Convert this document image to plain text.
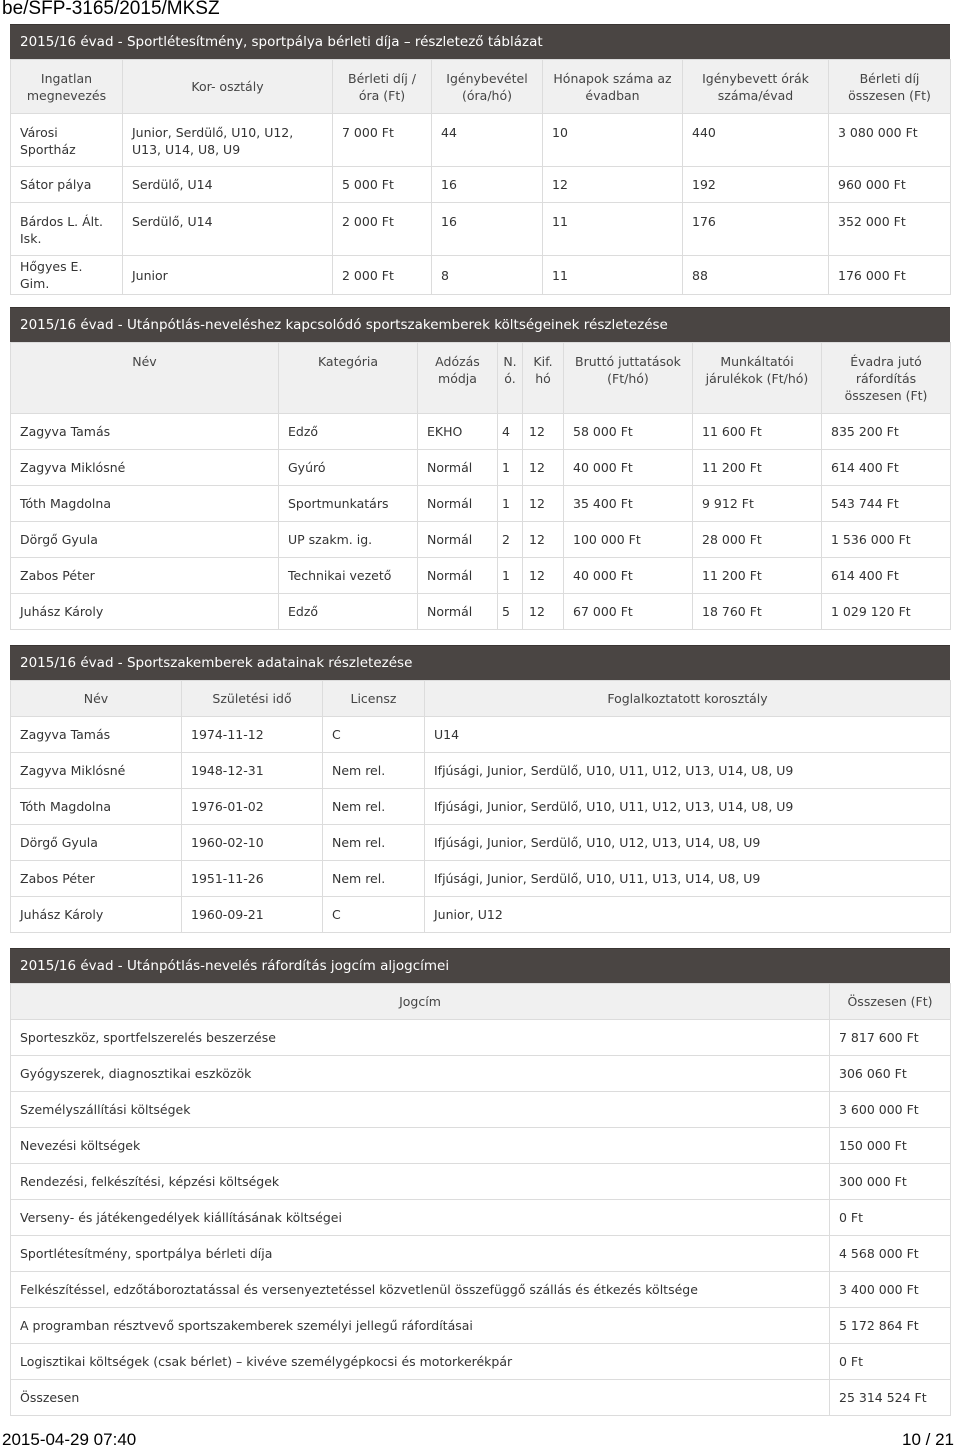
be/SFP-3165/2015/MKSZ
2015/16 évad - Sportlétesítmény, sportpálya bérleti díja – részletező táblázat
Ingatlan megnevezés	Kor- osztály	Bérleti díj / óra (Ft)	Igénybevétel (óra/hó)	Hónapok száma az évadban	Igénybevett órák száma/évad	Bérleti díj összesen (Ft)
Városi Sportház	Junior, Serdülő, U10, U12, U13, U14, U8, U9	7 000 Ft	44	10	440	3 080 000 Ft
Sátor pálya	Serdülő, U14	5 000 Ft	16	12	192	960 000 Ft
Bárdos L. Ált. Isk.	Serdülő, U14	2 000 Ft	16	11	176	352 000 Ft
Hőgyes E. Gim.	Junior	2 000 Ft	8	11	88	176 000 Ft
2015/16 évad - Utánpótlás-neveléshez kapcsolódó sportszakemberek költségeinek részletezése
Név	Kategória	Adózás módja	N. ó.	Kif. hó	Bruttó juttatások (Ft/hó)	Munkáltatói járulékok (Ft/hó)	Évadra jutó ráfordítás összesen (Ft)
Zagyva Tamás	Edző	EKHO	4	12	58 000 Ft	11 600 Ft	835 200 Ft
Zagyva Miklósné	Gyúró	Normál	1	12	40 000 Ft	11 200 Ft	614 400 Ft
Tóth Magdolna	Sportmunkatárs	Normál	1	12	35 400 Ft	9 912 Ft	543 744 Ft
Dörgő Gyula	UP szakm. ig.	Normál	2	12	100 000 Ft	28 000 Ft	1 536 000 Ft
Zabos Péter	Technikai vezető	Normál	1	12	40 000 Ft	11 200 Ft	614 400 Ft
Juhász Károly	Edző	Normál	5	12	67 000 Ft	18 760 Ft	1 029 120 Ft
2015/16 évad - Sportszakemberek adatainak részletezése
Név	Születési idő	Licensz	Foglalkoztatott korosztály
Zagyva Tamás	1974-11-12	C	U14
Zagyva Miklósné	1948-12-31	Nem rel.	Ifjúsági, Junior, Serdülő, U10, U11, U12, U13, U14, U8, U9
Tóth Magdolna	1976-01-02	Nem rel.	Ifjúsági, Junior, Serdülő, U10, U11, U12, U13, U14, U8, U9
Dörgő Gyula	1960-02-10	Nem rel.	Ifjúsági, Junior, Serdülő, U10, U12, U13, U14, U8, U9
Zabos Péter	1951-11-26	Nem rel.	Ifjúsági, Junior, Serdülő, U10, U11, U13, U14, U8, U9
Juhász Károly	1960-09-21	C	Junior, U12
2015/16 évad - Utánpótlás-nevelés ráfordítás jogcím aljogcímei
Jogcím	Összesen (Ft)
Sporteszköz, sportfelszerelés beszerzése	7 817 600 Ft
Gyógyszerek, diagnosztikai eszközök	306 060 Ft
Személyszállítási költségek	3 600 000 Ft
Nevezési költségek	150 000 Ft
Rendezési, felkészítési, képzési költségek	300 000 Ft
Verseny- és játékengedélyek kiállításának költségei	0 Ft
Sportlétesítmény, sportpálya bérleti díja	4 568 000 Ft
Felkészítéssel, edzőtáboroztatással és versenyeztetéssel közvetlenül összefüggő szállás és étkezés költsége	3 400 000 Ft
A programban résztvevő sportszakemberek személyi jellegű ráfordításai	5 172 864 Ft
Logisztikai költségek (csak bérlet) – kivéve személygépkocsi és motorkerékpár	0 Ft
Összesen	25 314 524 Ft
2015-04-29 07:40	10 / 21
